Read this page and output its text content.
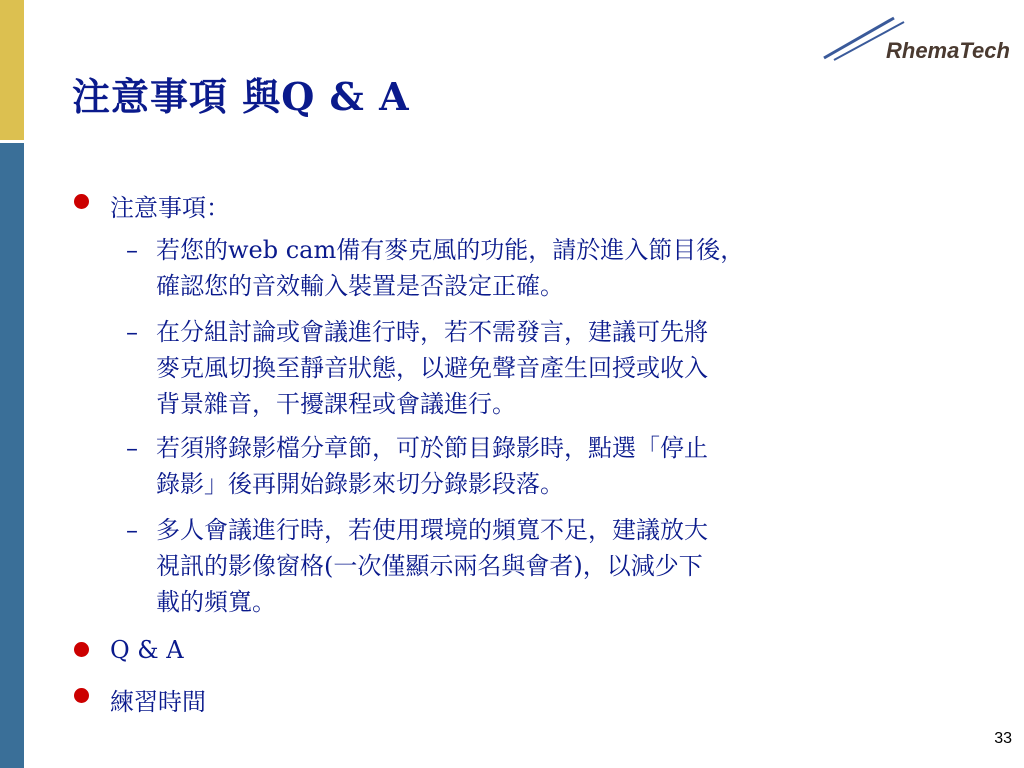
RhemaTech
注意事項 與Q & A
注意事項：
– 若您的web cam備有麥克風的功能，請於進入節目後，
確認您的音效輸入裝置是否設定正確。
– 在分組討論或會議進行時，若不需發言，建議可先將
麥克風切換至靜音狀態，以避免聲音產生回授或收入
背景雜音，干擾課程或會議進行。
– 若須將錄影檔分章節，可於節目錄影時，點選「停止
錄影」後再開始錄影來切分錄影段落。
– 多人會議進行時，若使用環境的頻寬不足，建議放大
視訊的影像窗格(一次僅顯示兩名與會者)，以減少下
載的頻寬。
Q & A
練習時間
33
